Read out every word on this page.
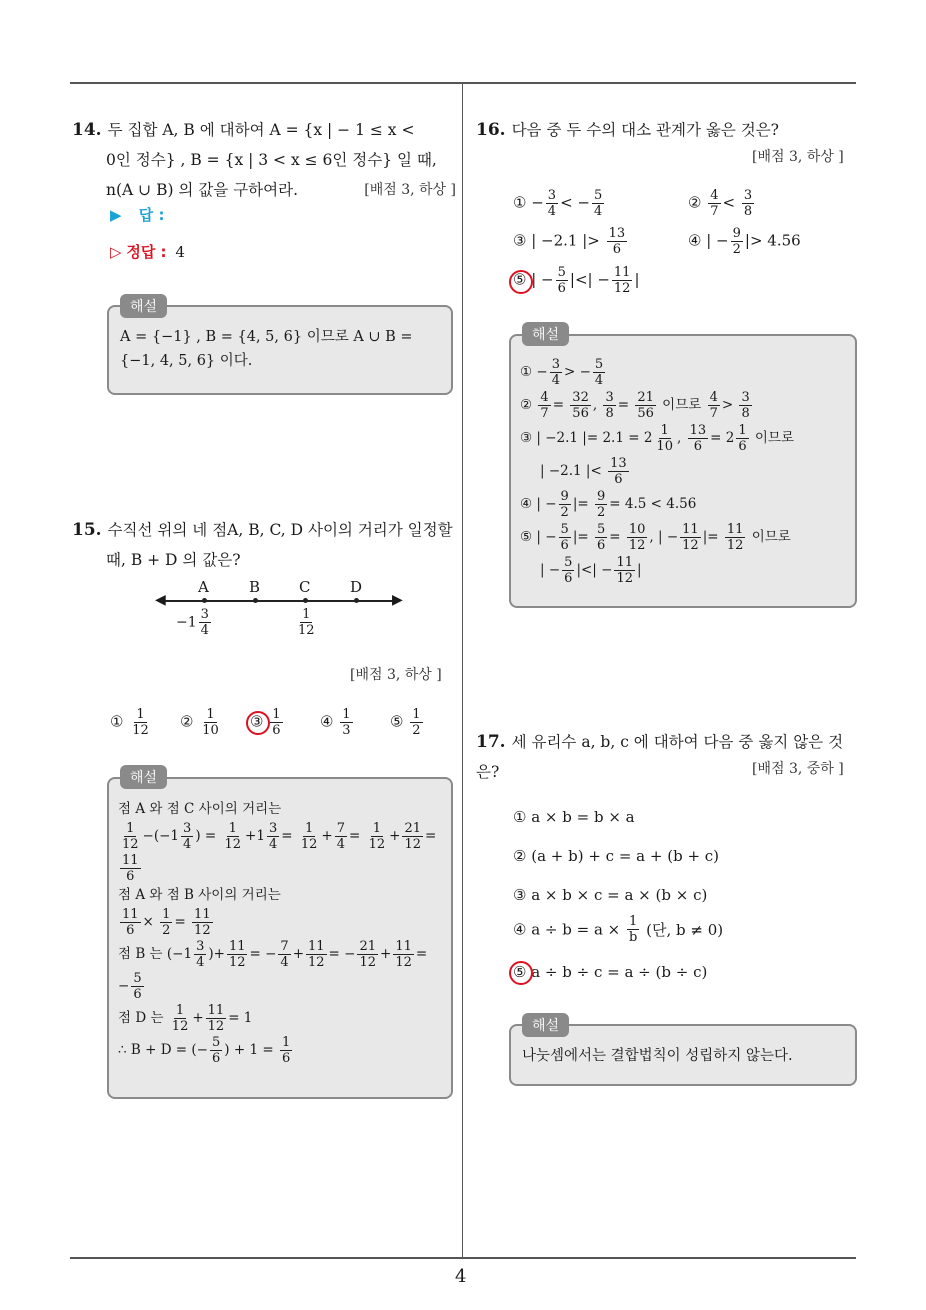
4
14. 두 집합 A, B 에 대하여 A = {x | − 1 ≤ x <
0인 정수} , B = {x | 3 < x ≤ 6인 정수} 일 때,
n(A ∪ B) 의 값을 구하여라.	[배점 3, 하상 ]
▶ 답 :
▷ 정답 : 4
해설
A = {−1} , B = {4, 5, 6} 이므로 A ∪ B =
{−1, 4, 5, 6} 이다.
15. 수직선 위의 네 점A, B, C, D 사이의 거리가 일정할
때, B + D 의 값은?
◀	▶
A	B	C	D
$-1 \frac{3}{4}$	$\frac{1}{12}$
[배점 3, 하상 ]
① $\frac{1}{12}$ ② $\frac{1}{10}$ ③ $\frac{1}{6}$ ④ $\frac{1}{3}$ ⑤ $\frac{1}{2}$
해설
점 A 와 점 C 사이의 거리는
$\frac{1}{12} -(-1 \frac{3}{4}$ ) = $\frac{1}{12} +1 \frac{3}{4} = \frac{1}{12} + \frac{7}{4} = \frac{1}{12} + \frac{21}{12}$ =
$\frac{11}{6}$
점 A 와 점 B 사이의 거리는
$\frac{11}{6} \times \frac{1}{2} = \frac{11}{12}$
점 B 는 ($-1 \frac{3}{4}$ )+ $\frac{11}{12}$ = − $\frac{7}{4} + \frac{11}{12}$ = − $\frac{21}{12} + \frac{11}{12}$ =
− $\frac{5}{6}$
점 D 는 $\frac{1}{12} + \frac{11}{12} = 1$
∴ B + D = (− $\frac{5}{6}$ ) + $1 = \frac{1}{6}$
16. 다음 중 두 수의 대소 관계가 옳은 것은?
[배점 3, 하상 ]
① − $\frac{3}{4}$ < − $\frac{5}{4}$	② $\frac{4}{7} < \frac{3}{8}$
③ | −2.1 |> $\frac{13}{6}$	④ | − $\frac{9}{2}$ |> 4.56
⑤ | − $\frac{5}{6}$ |<| − $\frac{11}{12}$ |
해설
① − $\frac{3}{4}$ > − $\frac{5}{4}$
② $\frac{4}{7} = \frac{32}{56}$ , $\frac{3}{8} = \frac{21}{56}$ 이므로 $\frac{4}{7} > \frac{3}{8}$
③ | −2.1 |= $2.1 = 2 \frac{1}{10}$ , $\frac{13}{6} = 2 \frac{1}{6}$ 이므로
| −2.1 |< $\frac{13}{6}$
④ | − $\frac{9}{2}$ |= $\frac{9}{2} = 4.5 < 4.56$
⑤ | − $\frac{5}{6}$ |= $\frac{5}{6} = \frac{10}{12}$ , | − $\frac{11}{12}$ |= $\frac{11}{12}$ 이므로
| − $\frac{5}{6}$ |<| − $\frac{11}{12}$ |
17. 세 유리수 a, b, c 에 대하여 다음 중 옳지 않은 것은?	[배점 3, 중하 ]
① a × b = b × a
② (a + b) + c = a + (b + c)
③ a × b × c = a × (b × c)
④ $a \div b = a \times \frac{1}{b}$ (단, b ≠ 0)
⑤ a ÷ b ÷ c = a ÷ (b ÷ c)
해설
나눗셈에서는 결합법칙이 성립하지 않는다.
